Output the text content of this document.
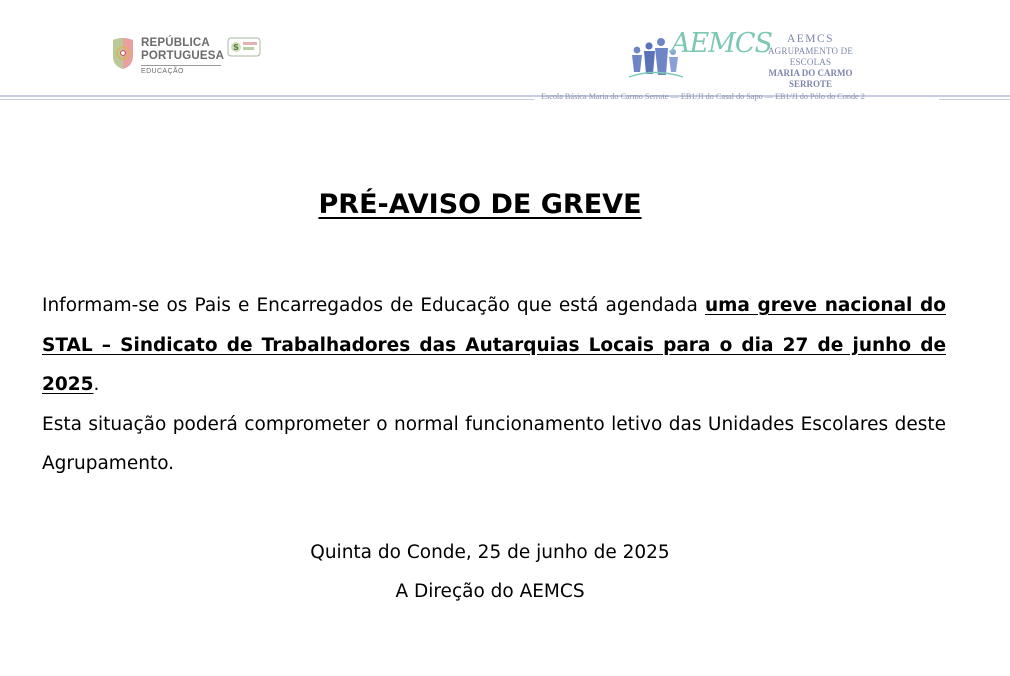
REPÚBLICA
PORTUGUESA
EDUCAÇÃO
S	AEMCS	AEMCS
AGRUPAMENTO DE ESCOLAS
MARIA DO CARMO
SERROTE
Escola Básica Maria do Carmo Serrote — EB1/JI do Casal do Sapo — EB1/JI do Pólo do Conde 2
PRÉ-AVISO DE GREVE
Informam-se os Pais e Encarregados de Educação que está agendada uma greve nacional do STAL – Sindicato de Trabalhadores das Autarquias Locais para o dia 27 de junho de 2025.
Esta situação poderá comprometer o normal funcionamento letivo das Unidades Escolares deste Agrupamento.
Quinta do Conde, 25 de junho de 2025
A Direção do AEMCS
